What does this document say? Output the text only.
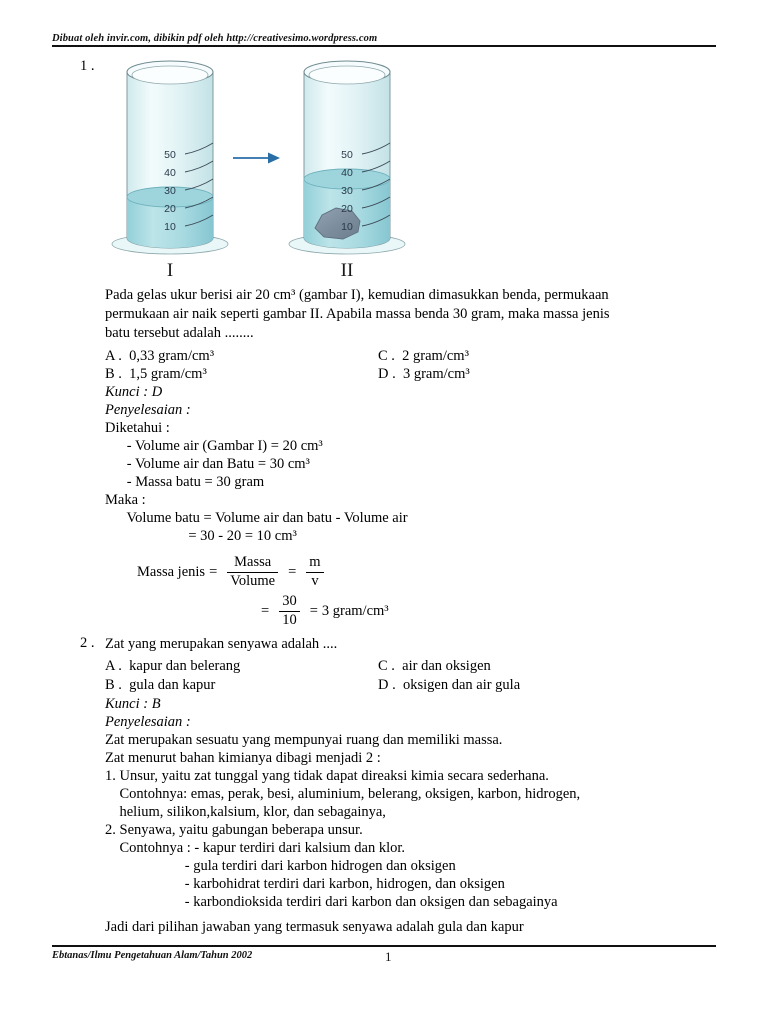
Dibuat oleh invir.com, dibikin pdf oleh http://creativesimo.wordpress.com
1 .
50
40
30
20
10
50
40
30
20
10
I	II
Pada gelas ukur berisi air 20 cm³ (gambar I), kemudian dimasukkan benda, permukaan
permukaan air naik seperti gambar II. Apabila massa benda 30 gram, maka massa jenis
batu tersebut adalah ........
A .  0,33 gram/cm³
B .  1,5 gram/cm³
C .  2 gram/cm³
D .  3 gram/cm³
Kunci : D
Penyelesaian :
Diketahui :
- Volume air (Gambar I) = 20 cm³
- Volume air dan Batu = 30 cm³
- Massa batu = 30 gram
Maka :
Volume batu = Volume air dan batu - Volume air
= 30 - 20 = 10 cm³
Massa jenis = $\frac{\text{Massa}}{\text{Volume}} = \frac{m}{v}$
= $\frac{30}{10} = 3$ gram/cm³
2 . Zat yang merupakan senyawa adalah ....
A .  kapur dan belerang
B .  gula dan kapur
C .  air dan oksigen
D .  oksigen dan air gula
Kunci : B
Penyelesaian :
Zat merupakan sesuatu yang mempunyai ruang dan memiliki massa.
Zat menurut bahan kimianya dibagi menjadi 2 :
1. Unsur, yaitu zat tunggal yang tidak dapat direaksi kimia secara sederhana.
Contohnya: emas, perak, besi, aluminium, belerang, oksigen, karbon, hidrogen,
helium, silikon,kalsium, klor, dan sebagainya,
2. Senyawa, yaitu gabungan beberapa unsur.
Contohnya : - kapur terdiri dari kalsium dan klor.
- gula terdiri dari karbon hidrogen dan oksigen
- karbohidrat terdiri dari karbon, hidrogen, dan oksigen
- karbondioksida terdiri dari karbon dan oksigen dan sebagainya
Jadi dari pilihan jawaban yang termasuk senyawa adalah gula dan kapur
Ebtanas/Ilmu Pengetahuan Alam/Tahun 2002	1
